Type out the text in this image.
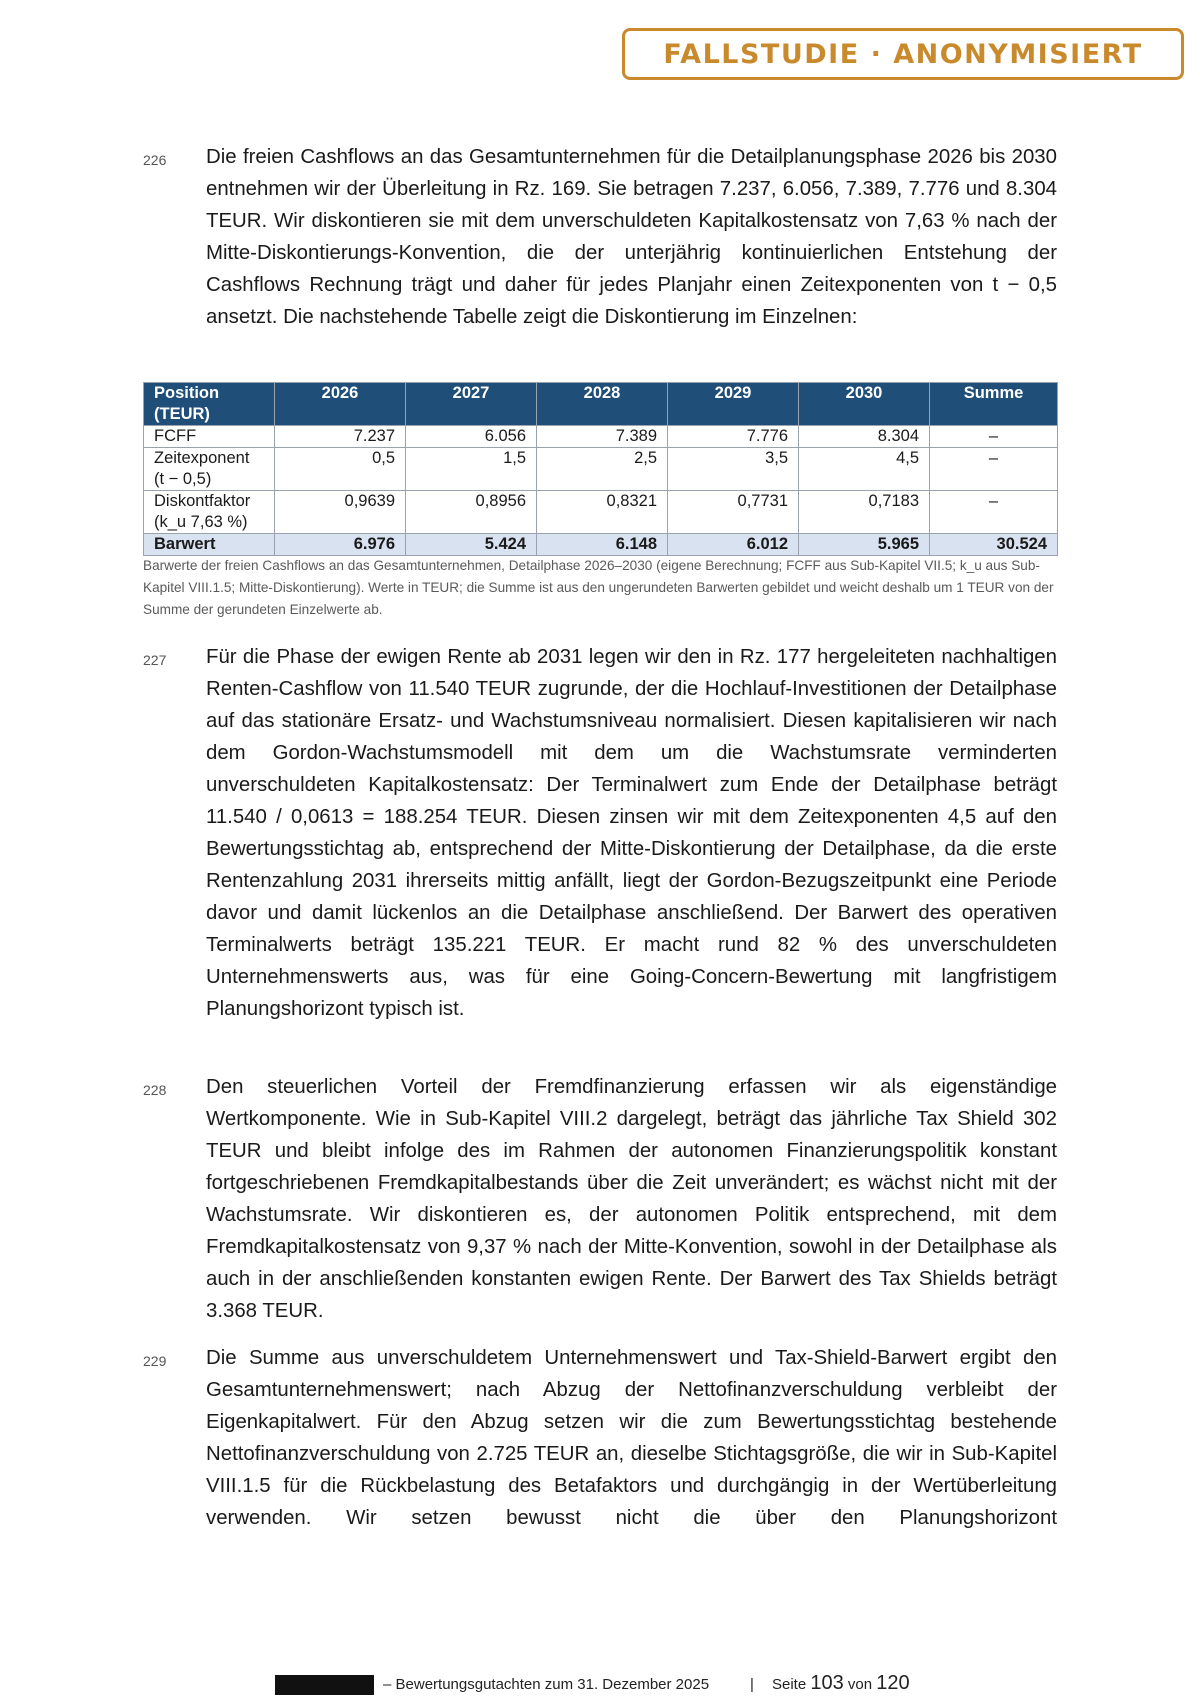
FALLSTUDIE · ANONYMISIERT
226 Die freien Cashflows an das Gesamtunternehmen für die Detailplanungsphase 2026 bis 2030 entnehmen wir der Überleitung in Rz. 169. Sie betragen 7.237, 6.056, 7.389, 7.776 und 8.304 TEUR. Wir diskontieren sie mit dem unverschuldeten Kapitalkostensatz von 7,63 % nach der Mitte-Diskontierungs-Konvention, die der unterjährig kontinuierlichen Entstehung der Cashflows Rechnung trägt und daher für jedes Planjahr einen Zeitexponenten von t − 0,5 ansetzt. Die nachstehende Tabelle zeigt die Diskontierung im Einzelnen:
Position (TEUR)	2026	2027	2028	2029	2030	Summe
FCFF	7.237	6.056	7.389	7.776	8.304	–
Zeitexponent (t − 0,5)	0,5	1,5	2,5	3,5	4,5	–
Diskontfaktor (k_u 7,63 %)	0,9639	0,8956	0,8321	0,7731	0,7183	–
Barwert	6.976	5.424	6.148	6.012	5.965	30.524
Barwerte der freien Cashflows an das Gesamtunternehmen, Detailphase 2026–2030 (eigene Berechnung; FCFF aus Sub-Kapitel VII.5; k_u aus Sub-Kapitel VIII.1.5; Mitte-Diskontierung). Werte in TEUR; die Summe ist aus den ungerundeten Barwerten gebildet und weicht deshalb um 1 TEUR von der Summe der gerundeten Einzelwerte ab.
227 Für die Phase der ewigen Rente ab 2031 legen wir den in Rz. 177 hergeleiteten nachhaltigen Renten-Cashflow von 11.540 TEUR zugrunde, der die Hochlauf-Investitionen der Detailphase auf das stationäre Ersatz- und Wachstumsniveau normalisiert. Diesen kapitalisieren wir nach dem Gordon-Wachstumsmodell mit dem um die Wachstumsrate verminderten unverschuldeten Kapitalkostensatz: Der Terminalwert zum Ende der Detailphase beträgt 11.540 / 0,0613 = 188.254 TEUR. Diesen zinsen wir mit dem Zeitexponenten 4,5 auf den Bewertungsstichtag ab, entsprechend der Mitte-Diskontierung der Detailphase, da die erste Rentenzahlung 2031 ihrerseits mittig anfällt, liegt der Gordon-Bezugszeitpunkt eine Periode davor und damit lückenlos an die Detailphase anschließend. Der Barwert des operativen Terminalwerts beträgt 135.221 TEUR. Er macht rund 82 % des unverschuldeten Unternehmenswerts aus, was für eine Going-Concern-Bewertung mit langfristigem Planungshorizont typisch ist.
228 Den steuerlichen Vorteil der Fremdfinanzierung erfassen wir als eigenständige Wertkomponente. Wie in Sub-Kapitel VIII.2 dargelegt, beträgt das jährliche Tax Shield 302 TEUR und bleibt infolge des im Rahmen der autonomen Finanzierungspolitik konstant fortgeschriebenen Fremdkapitalbestands über die Zeit unverändert; es wächst nicht mit der Wachstumsrate. Wir diskontieren es, der autonomen Politik entsprechend, mit dem Fremdkapitalkostensatz von 9,37 % nach der Mitte-Konvention, sowohl in der Detailphase als auch in der anschließenden konstanten ewigen Rente. Der Barwert des Tax Shields beträgt 3.368 TEUR.
229 Die Summe aus unverschuldetem Unternehmenswert und Tax-Shield-Barwert ergibt den Gesamtunternehmenswert; nach Abzug der Nettofinanzverschuldung verbleibt der Eigenkapitalwert. Für den Abzug setzen wir die zum Bewertungsstichtag bestehende Nettofinanzverschuldung von 2.725 TEUR an, dieselbe Stichtagsgröße, die wir in Sub-Kapitel VIII.1.5 für die Rückbelastung des Betafaktors und durchgängig in der Wertüberleitung verwenden. Wir setzen bewusst nicht die über den Planungshorizont
– Bewertungsgutachten zum 31. Dezember 2025	| Seite 103 von 120
